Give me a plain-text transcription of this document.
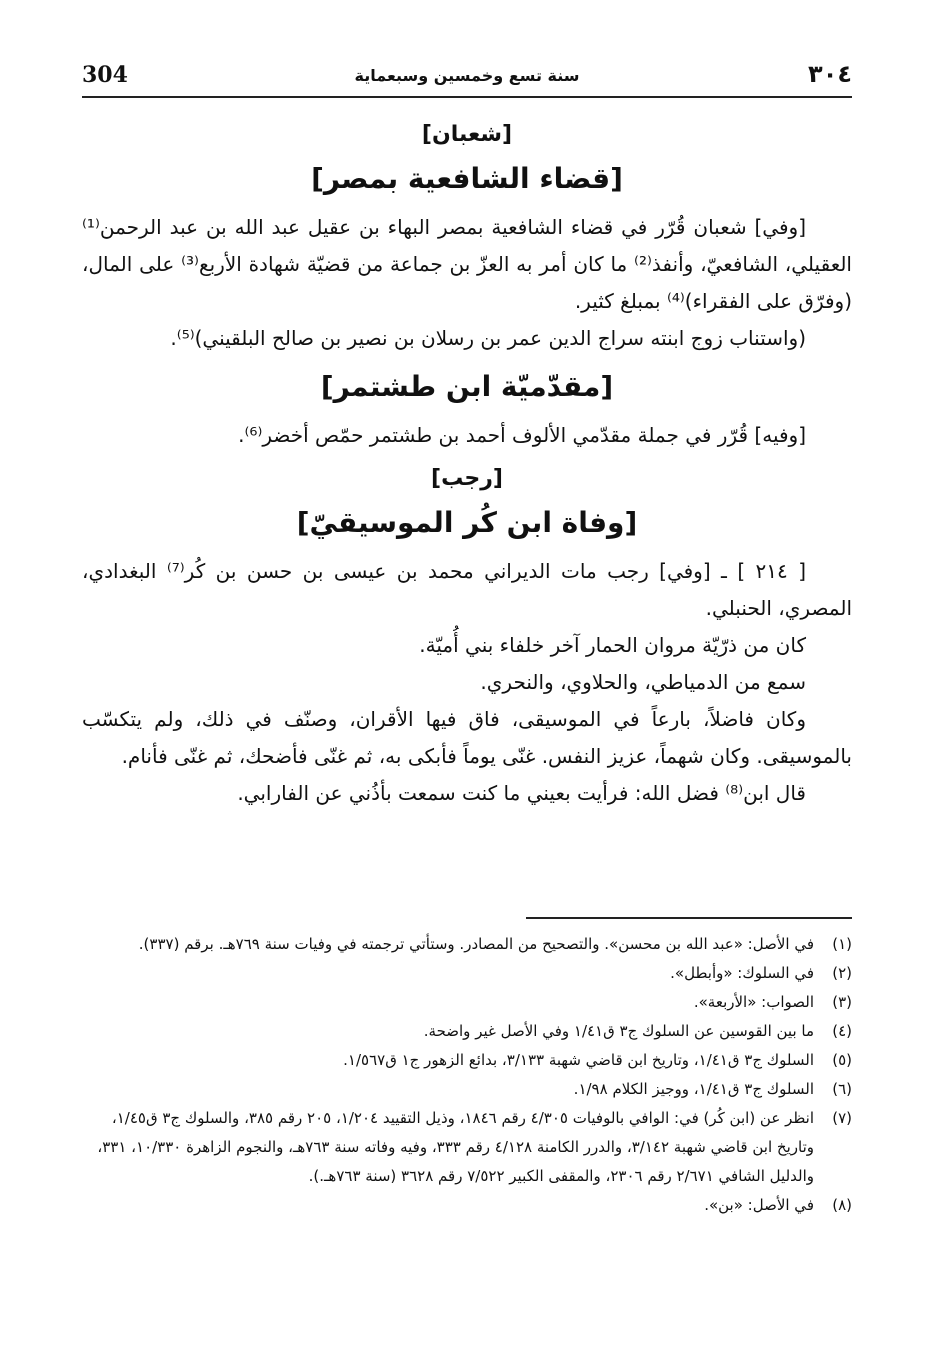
304	سنة تسع وخمسين وسبعماية	٣٠٤
[شعبان]
[قضاء الشافعية بمصر]

[وفي] شعبان قُرّر في قضاء الشافعية بمصر البهاء بن عقيل عبد الله بن عبد الرحمن⁽¹⁾ العقيلي، الشافعيّ، وأنفذ⁽²⁾ ما كان أمر به العزّ بن جماعة من قضيّة شهادة الأربع⁽³⁾ على المال، (وفرّق على الفقراء)⁽⁴⁾ بمبلغ كثير.

(واستناب زوج ابنته سراج الدين عمر بن رسلان بن نصير بن صالح البلقيني)⁽⁵⁾.

[مقدّميّة ابن طشتمر]

[وفيه] قُرّر في جملة مقدّمي الألوف أحمد بن طشتمر حمّص أخضر⁽⁶⁾.

[رجب]
[وفاة ابن كُر الموسيقيّ]

[ ٢١٤ ] ـ [وفي] رجب مات الديراني محمد بن عيسى بن حسن بن كُر⁽⁷⁾ البغدادي، المصري، الحنبلي.

كان من ذرّيّة مروان الحمار آخر خلفاء بني أُميّة.

سمع من الدمياطي، والحلاوي، والنحري.

وكان فاضلاً، بارعاً في الموسيقى، فاق فيها الأقران، وصنّف في ذلك، ولم يتكسّب بالموسيقى. وكان شهماً، عزيز النفس. غنّى يوماً فأبكى به، ثم غنّى فأضحك، ثم غنّى فأنام.

قال ابن⁽⁸⁾ فضل الله: فرأيت بعيني ما كنت سمعت بأذُني عن الفارابي.

(١)
في الأصل: «عبد الله بن محسن». والتصحيح من المصادر. وستأتي ترجمته في وفيات سنة ٧٦٩هـ. برقم (٣٣٧).
(٢)
في السلوك: «وأبطل».
(٣)
الصواب: «الأربعة».
(٤)
ما بين القوسين عن السلوك ج٣ ق١/٤١ وفي الأصل غير واضحة.
(٥)
السلوك ج٣ ق١/٤١، وتاريخ ابن قاضي شهبة ٣/١٣٣، بدائع الزهور ج١ ق١/٥٦٧.
(٦)
السلوك ج٣ ق١/٤١، ووجيز الكلام ١/٩٨.
(٧)
انظر عن (ابن كُر) في: الوافي بالوفيات ٤/٣٠٥ رقم ١٨٤٦، وذيل التقييد ١/٢٠٤، ٢٠٥ رقم ٣٨٥، والسلوك ج٣ ق١/٤٥، وتاريخ ابن قاضي شهبة ٣/١٤٢، والدرر الكامنة ٤/١٢٨ رقم ٣٣٣، وفيه وفاته سنة ٧٦٣هـ، والنجوم الزاهرة ١٠/٣٣٠، ٣٣١، والدليل الشافي ٢/٦٧١ رقم ٢٣٠٦، والمقفى الكبير ٧/٥٢٢ رقم ٣٦٢٨ (سنة ٧٦٣هـ.).
(٨)
في الأصل: «بن».
